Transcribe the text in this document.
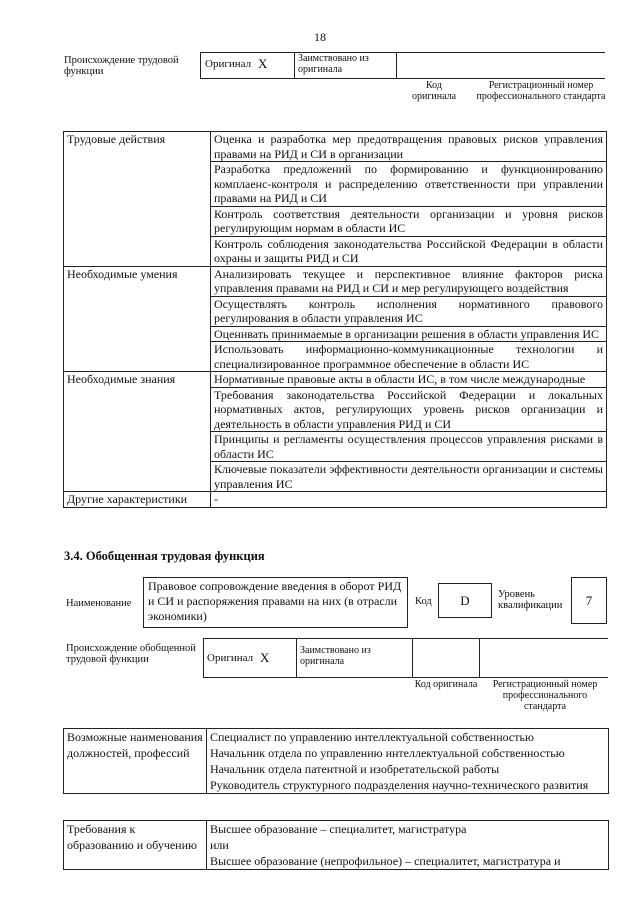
18
Происхождение трудовой функции
Оригинал X	Заимствовано из оригинала
Код оригинала
Регистрационный номер профессионального стандарта
Трудовые действия	Оценка и разработка мер предотвращения правовых рисков управления правами на РИД и СИ в организации
	Разработка предложений по формированию и функционированию комплаенс-контроля и распределению ответственности при управлении правами на РИД и СИ
	Контроль соответствия деятельности организации и уровня рисков регулирующим нормам в области ИС
	Контроль соблюдения законодательства Российской Федерации в области охраны и защиты РИД и СИ
Необходимые умения	Анализировать текущее и перспективное влияние факторов риска управления правами на РИД и СИ и мер регулирующего воздействия
	Осуществлять контроль исполнения нормативного правового регулирования в области управления ИС
	Оценивать принимаемые в организации решения в области управления ИС
	Использовать информационно-коммуникационные технологии и специализированное программное обеспечение в области ИС
Необходимые знания	Нормативные правовые акты в области ИС, в том числе международные
	Требования законодательства Российской Федерации и локальных нормативных актов, регулирующих уровень рисков организации и деятельность в области управления РИД и СИ
	Принципы и регламенты осуществления процессов управления рисками в области ИС
	Ключевые показатели эффективности деятельности организации и системы управления ИС
Другие характеристики	-
3.4. Обобщенная трудовая функция
Наименование
Правовое сопровождение введения в оборот РИД и СИ и распоряжения правами на них (в отрасли экономики)
Код	D	Уровень квалификации	7
Происхождение обобщенной трудовой функции	Оригинал X	Заимствовано из оригинала
Код оригинала	Регистрационный номер профессионального стандарта
Возможные наименования должностей, профессий	
Специалист по управлению интеллектуальной собственностью
Начальник отдела по управлению интеллектуальной собственностью
Начальник отдела патентной и изобретательской работы
Руководитель структурного подразделения научно-технического развития
Требования к образованию и обучению	
Высшее образование – специалитет, магистратура
или
Высшее образование (непрофильное) – специалитет, магистратура и
